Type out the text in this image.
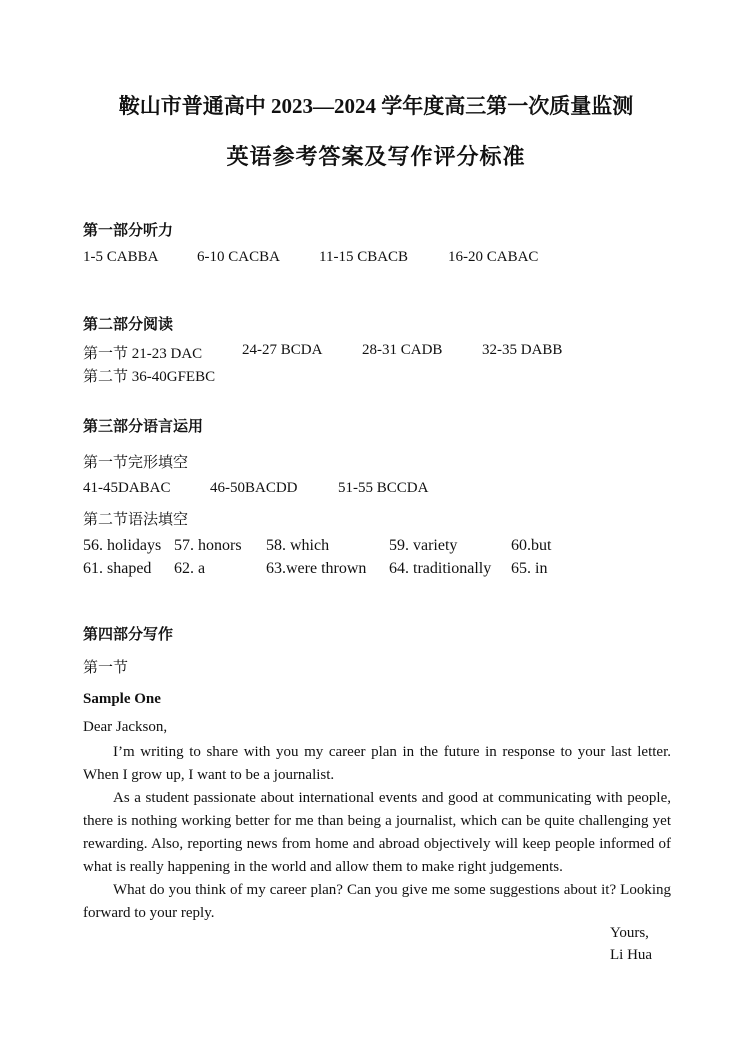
鞍山市普通高中 2023—2024 学年度高三第一次质量监测
英语参考答案及写作评分标准
第一部分听力
1-5 CABBA	6-10 CACBA	11-15 CBACB	16-20 CABAC
第二部分阅读
第一节 21-23 DAC	24-27 BCDA	28-31 CADB	32-35 DABB
第二节 36-40GFEBC
第三部分语言运用
第一节完形填空
41-45DABAC	46-50BACDD	51-55 BCCDA
第二节语法填空
56. holidays 57. honors 58. which	59. variety	60.but
61. shaped 62. a	63.were thrown 64. traditionally 65. in
第四部分写作
第一节
Sample One
Dear Jackson,

I’m writing to share with you my career plan in the future in response to your last letter. When I grow up, I want to be a journalist.

As a student passionate about international events and good at communicating with people, there is nothing working better for me than being a journalist, which can be quite challenging yet rewarding. Also, reporting news from home and abroad objectively will keep people informed of what is really happening in the world and allow them to make right judgements.

What do you think of my career plan? Can you give me some suggestions about it? Looking forward to your reply.

Yours,
Li Hua
